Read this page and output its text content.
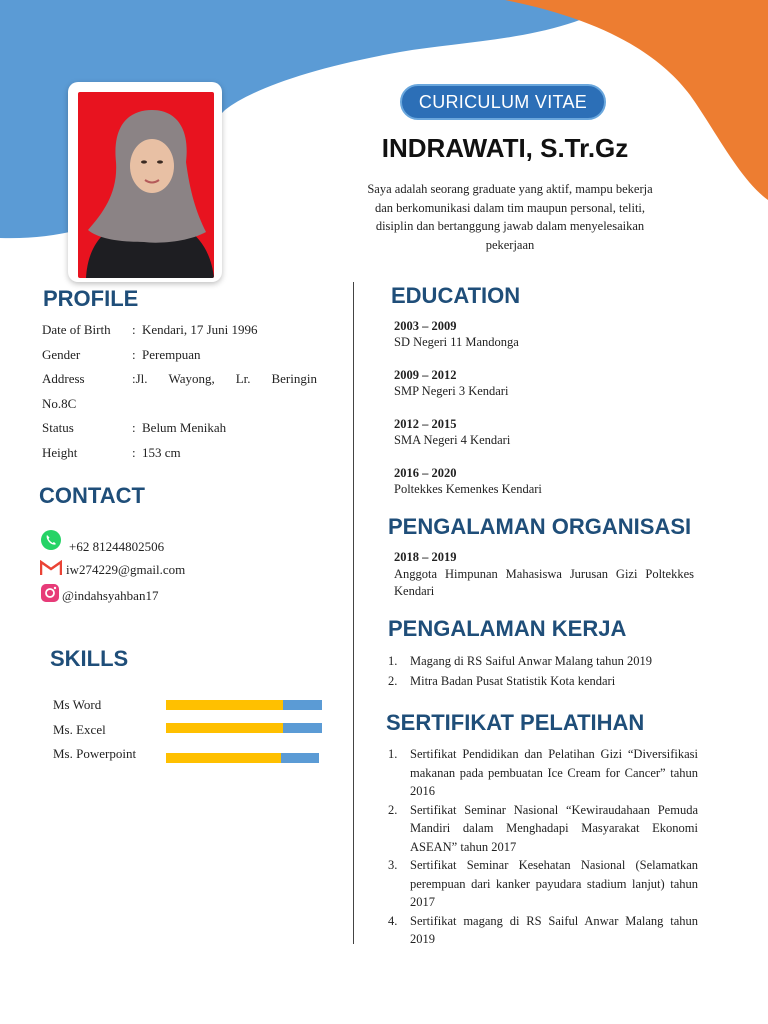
CURICULUM VITAE
INDRAWATI, S.Tr.Gz

Saya adalah seorang graduate yang aktif, mampu bekerja dan berkomunikasi dalam tim maupun personal, teliti, disiplin dan bertanggung jawab dalam menyelesaikan pekerjaan

PROFILE
Date of Birth	: Kendari, 17 Juni 1996
Gender	: Perempuan
Address	:Jl. Wayong, Lr. Beringin
No.8C
Status	: Belum Menikah
Height	: 153 cm
CONTACT
+62 81244802506
iw274229@gmail.com
@indahsyahban17
SKILLS
Ms Word
Ms. Excel
Ms. Powerpoint
EDUCATION
2003 – 2009
SD Negeri 11 Mandonga
2009 – 2012
SMP Negeri 3 Kendari
2012 – 2015
SMA Negeri 4 Kendari
2016 – 2020
Poltekkes Kemenkes Kendari
PENGALAMAN ORGANISASI
2018 – 2019
Anggota Himpunan Mahasiswa Jurusan Gizi Poltekkes Kendari
PENGALAMAN KERJA
1.	Magang di RS Saiful Anwar Malang tahun 2019
2.	Mitra Badan Pusat Statistik Kota kendari
SERTIFIKAT PELATIHAN
1.	Sertifikat Pendidikan dan Pelatihan Gizi “Diversifikasi makanan pada pembuatan Ice Cream for Cancer” tahun 2016
2.	Sertifikat Seminar Nasional “Kewiraudahaan Pemuda Mandiri dalam Menghadapi Masyarakat Ekonomi ASEAN” tahun 2017
3.	Sertifikat Seminar Kesehatan Nasional (Selamatkan perempuan dari kanker payudara stadium lanjut) tahun 2017
4.	Sertifikat magang di RS Saiful Anwar Malang tahun 2019
